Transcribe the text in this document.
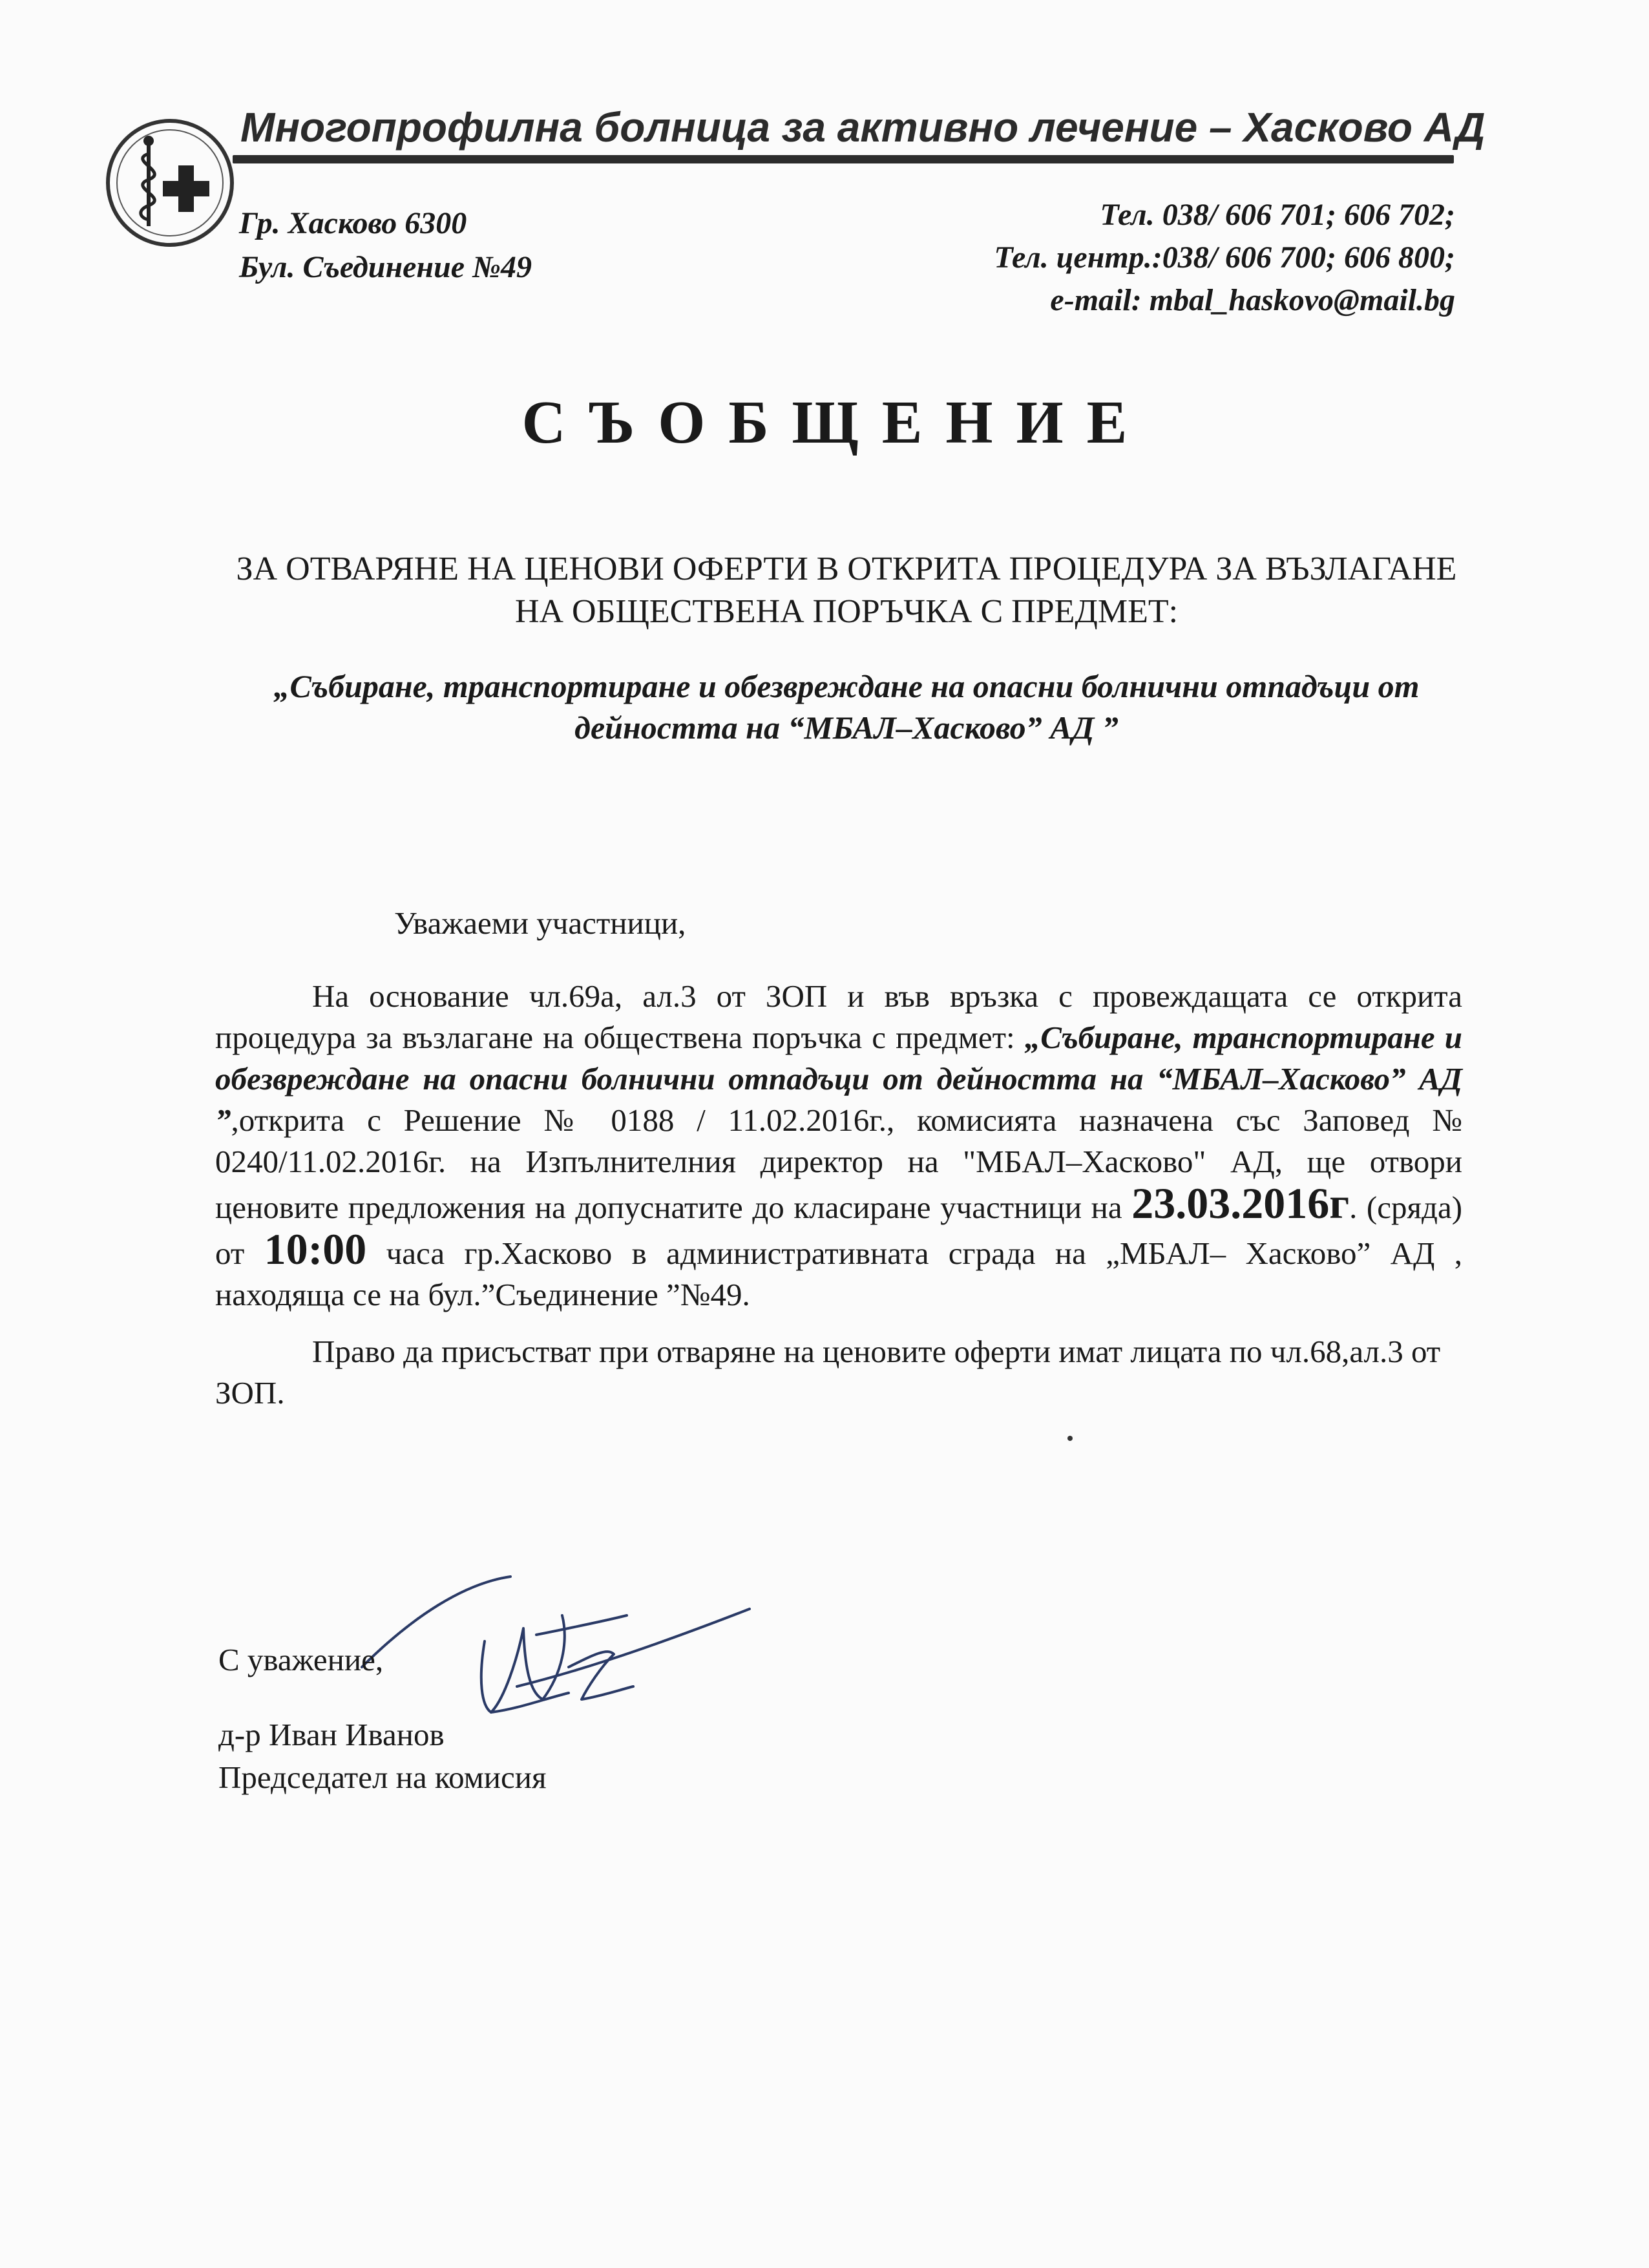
Многопрофилна болница за активно лечение – Хасково АД
Гр. Хасково 6300
Бул. Съединение №49
Тел. 038/ 606 701; 606 702;
Тел. центр.:038/ 606 700; 606 800;
e-mail: mbal_haskovo@mail.bg
СЪОБЩЕНИЕ
ЗА ОТВАРЯНЕ НА ЦЕНОВИ ОФЕРТИ В ОТКРИТА ПРОЦЕДУРА ЗА ВЪЗЛАГАНЕ
НА ОБЩЕСТВЕНА ПОРЪЧКА С ПРЕДМЕТ:
„Събиране, транспортиране и обезвреждане на опасни болнични отпадъци от
дейността на “МБАЛ–Хасково” АД ”
Уважаеми участници,
На основание чл.69а, ал.3 от ЗОП и във връзка с провеждащата се открита процедура за възлагане на обществена поръчка с предмет: „Събиране, транспортиране и обезвреждане на опасни болнични отпадъци от дейността на “МБАЛ–Хасково” АД ”,открита с Решение № 0188 / 11.02.2016г., комисията назначена със Заповед № 0240/11.02.2016г. на Изпълнителния директор на "МБАЛ–Хасково" АД, ще отвори ценовите предложения на допуснатите до класиране участници на 23.03.2016г. (сряда) от 10:00 часа гр.Хасково в административната сграда на „МБАЛ– Хасково” АД , находяща се на бул.”Съединение ”№49.
Право да присъстват при отваряне на ценовите оферти имат лицата по чл.68,ал.3 от ЗОП.
С уважение,
д-р Иван Иванов
Председател на комисия
